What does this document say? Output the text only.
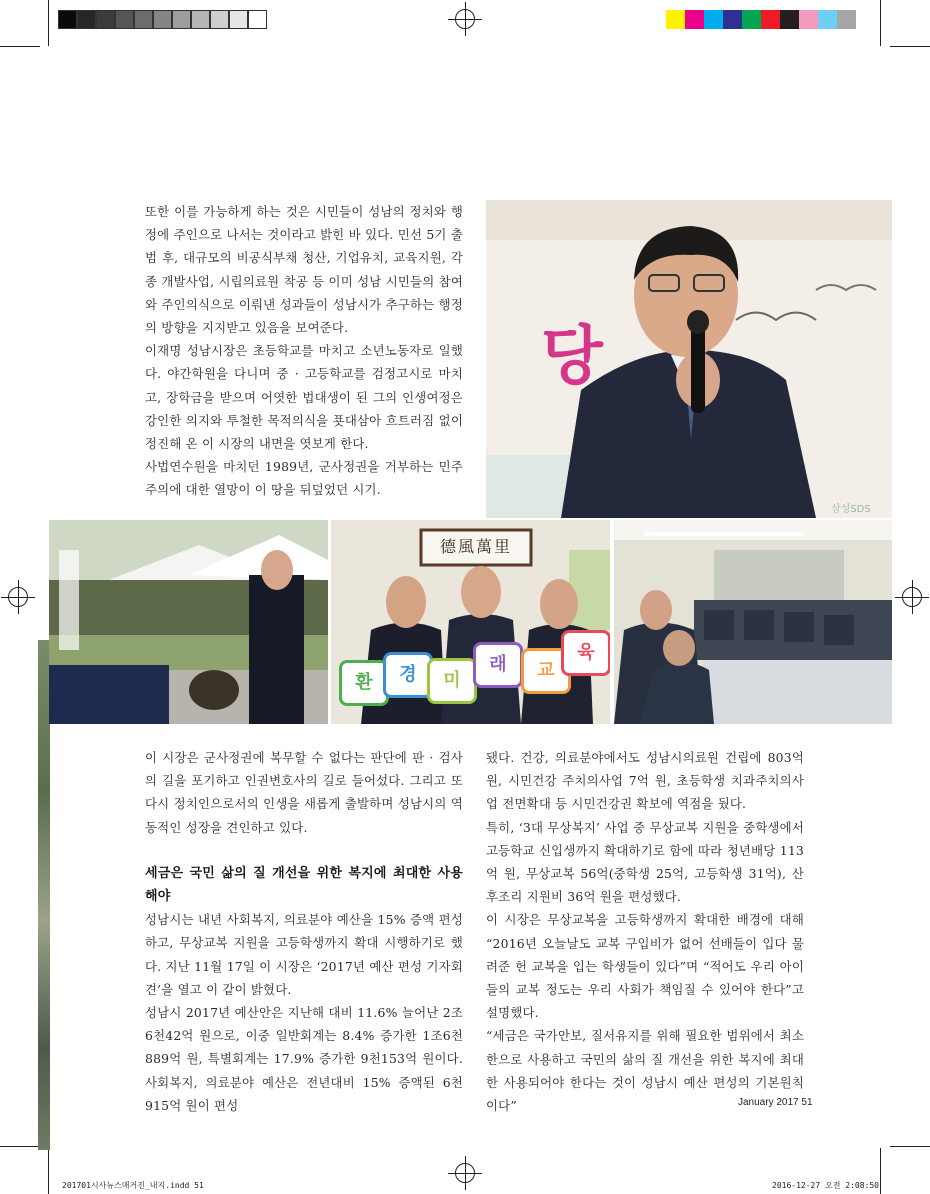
또한 이를 가능하게 하는 것은 시민들이 성남의 정치와 행정에 주인으로 나서는 것이라고 밝힌 바 있다. 민선 5기 출범 후, 대규모의 비공식부채 청산, 기업유치, 교육지원, 각종 개발사업, 시립의료원 착공 등 이미 성남 시민들의 참여와 주인의식으로 이뤄낸 성과들이 성남시가 추구하는 행정의 방향을 지지받고 있음을 보여준다.

이재명 성남시장은 초등학교를 마치고 소년노동자로 일했다. 야간학원을 다니며 중 · 고등학교를 검정고시로 마치고, 장학금을 받으며 어엿한 법대생이 된 그의 인생여정은 강인한 의지와 투철한 목적의식을 푯대삼아 흐트러짐 없이 정진해 온 이 시장의 내면을 엿보게 한다.

사법연수원을 마치던 1989년, 군사정권을 거부하는 민주주의에 대한 열망이 이 땅을 뒤덮었던 시기.

당
삼성SDS
德風萬里
환	경	미
래	교
육

이 시장은 군사정권에 복무할 수 없다는 판단에 판 · 검사의 길을 포기하고 인권변호사의 길로 들어섰다. 그리고 또다시 정치인으로서의 인생을 새롭게 출발하며 성남시의 역동적인 성장을 견인하고 있다.

세금은 국민 삶의 질 개선을 위한 복지에 최대한 사용해야

성남시는 내년 사회복지, 의료분야 예산을 15% 증액 편성하고, 무상교복 지원을 고등학생까지 확대 시행하기로 했다. 지난 11월 17일 이 시장은 ‘2017년 예산 편성 기자회견’을 열고 이 같이 밝혔다.

성남시 2017년 예산안은 지난해 대비 11.6% 늘어난 2조6천42억 원으로, 이중 일반회계는 8.4% 증가한 1조6천889억 원, 특별회계는 17.9% 증가한 9천153억 원이다. 사회복지, 의료분야 예산은 전년대비 15% 증액된 6천915억 원이 편성

됐다. 건강, 의료분야에서도 성남시의료원 건립에 803억 원, 시민건강 주치의사업 7억 원, 초등학생 치과주치의사업 전면확대 등 시민건강권 확보에 역점을 뒀다.

특히, ‘3대 무상복지’ 사업 중 무상교복 지원을 중학생에서 고등학교 신입생까지 확대하기로 함에 따라 청년배당 113억 원, 무상교복 56억(중학생 25억, 고등학생 31억), 산후조리 지원비 36억 원을 편성했다.

이 시장은 무상교복을 고등학생까지 확대한 배경에 대해 “2016년 오늘날도 교복 구입비가 없어 선배들이 입다 물려준 헌 교복을 입는 학생들이 있다”며 “적어도 우리 아이들의 교복 정도는 우리 사회가 책임질 수 있어야 한다”고 설명했다.

“세금은 국가안보, 질서유지를 위해 필요한 범위에서 최소한으로 사용하고 국민의 삶의 질 개선을 위한 복지에 최대한 사용되어야 한다는 것이 성남시 예산 편성의 기본원칙이다”	January 2017 51
201701시사뉴스매거진_내지.indd 51	2016-12-27 오전 2:08:50
